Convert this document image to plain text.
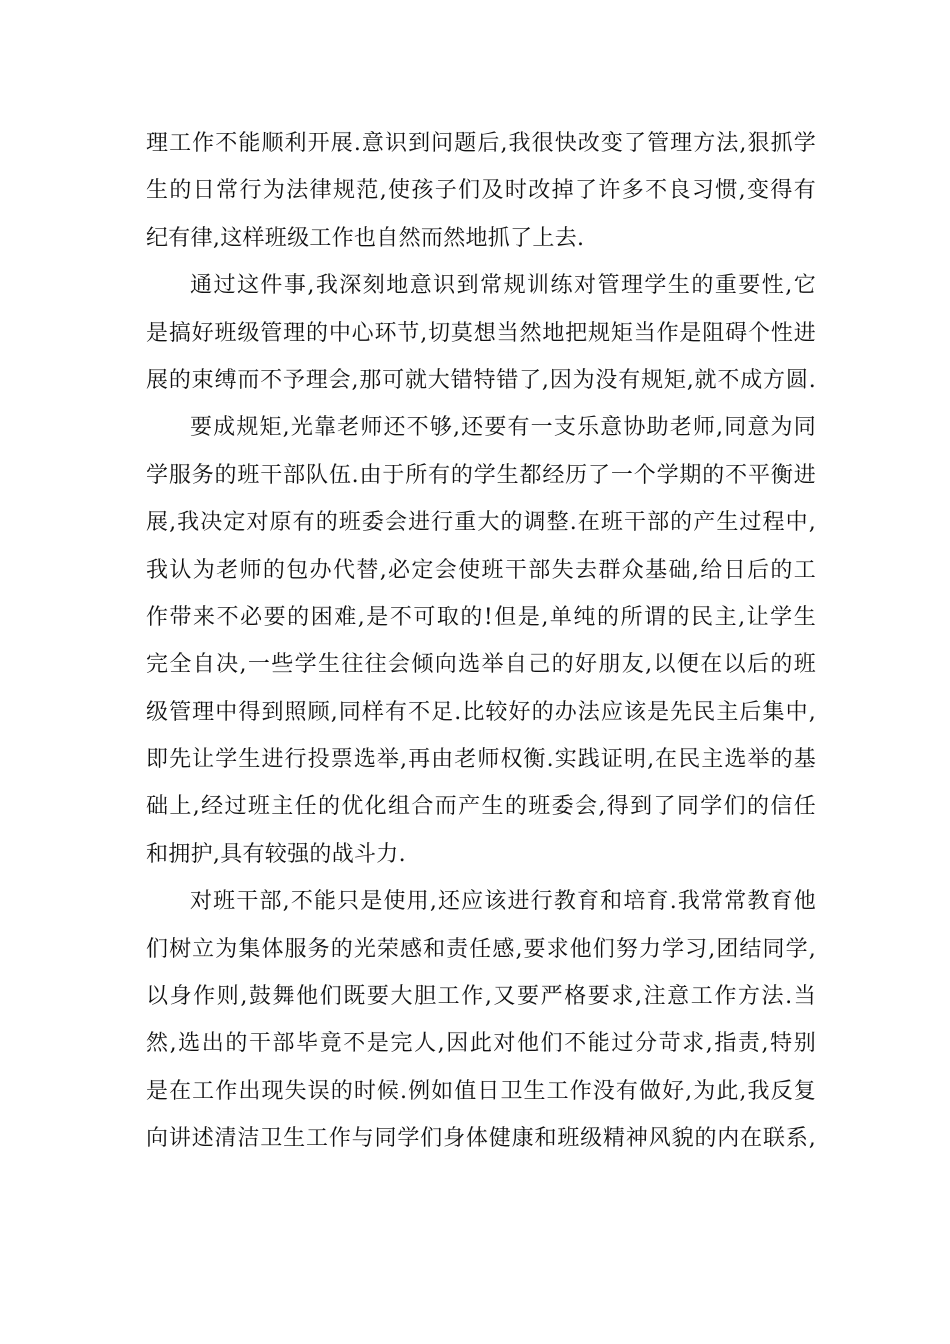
理工作不能顺利开展.意识到问题后,我很快改变了管理方法,狠抓学
生的日常行为法律规范,使孩子们及时改掉了许多不良习惯,变得有
纪有律,这样班级工作也自然而然地抓了上去.
通过这件事,我深刻地意识到常规训练对管理学生的重要性,它
是搞好班级管理的中心环节,切莫想当然地把规矩当作是阻碍个性进
展的束缚而不予理会,那可就大错特错了,因为没有规矩,就不成方圆.
要成规矩,光靠老师还不够,还要有一支乐意协助老师,同意为同
学服务的班干部队伍.由于所有的学生都经历了一个学期的不平衡进
展,我决定对原有的班委会进行重大的调整.在班干部的产生过程中,
我认为老师的包办代替,必定会使班干部失去群众基础,给日后的工
作带来不必要的困难,是不可取的!但是,单纯的所谓的民主,让学生
完全自决,一些学生往往会倾向选举自己的好朋友,以便在以后的班
级管理中得到照顾,同样有不足.比较好的办法应该是先民主后集中,
即先让学生进行投票选举,再由老师权衡.实践证明,在民主选举的基
础上,经过班主任的优化组合而产生的班委会,得到了同学们的信任
和拥护,具有较强的战斗力.
对班干部,不能只是使用,还应该进行教育和培育.我常常教育他
们树立为集体服务的光荣感和责任感,要求他们努力学习,团结同学,
以身作则,鼓舞他们既要大胆工作,又要严格要求,注意工作方法.当
然,选出的干部毕竟不是完人,因此对他们不能过分苛求,指责,特别
是在工作出现失误的时候.例如值日卫生工作没有做好,为此,我反复
向讲述清洁卫生工作与同学们身体健康和班级精神风貌的内在联系,
